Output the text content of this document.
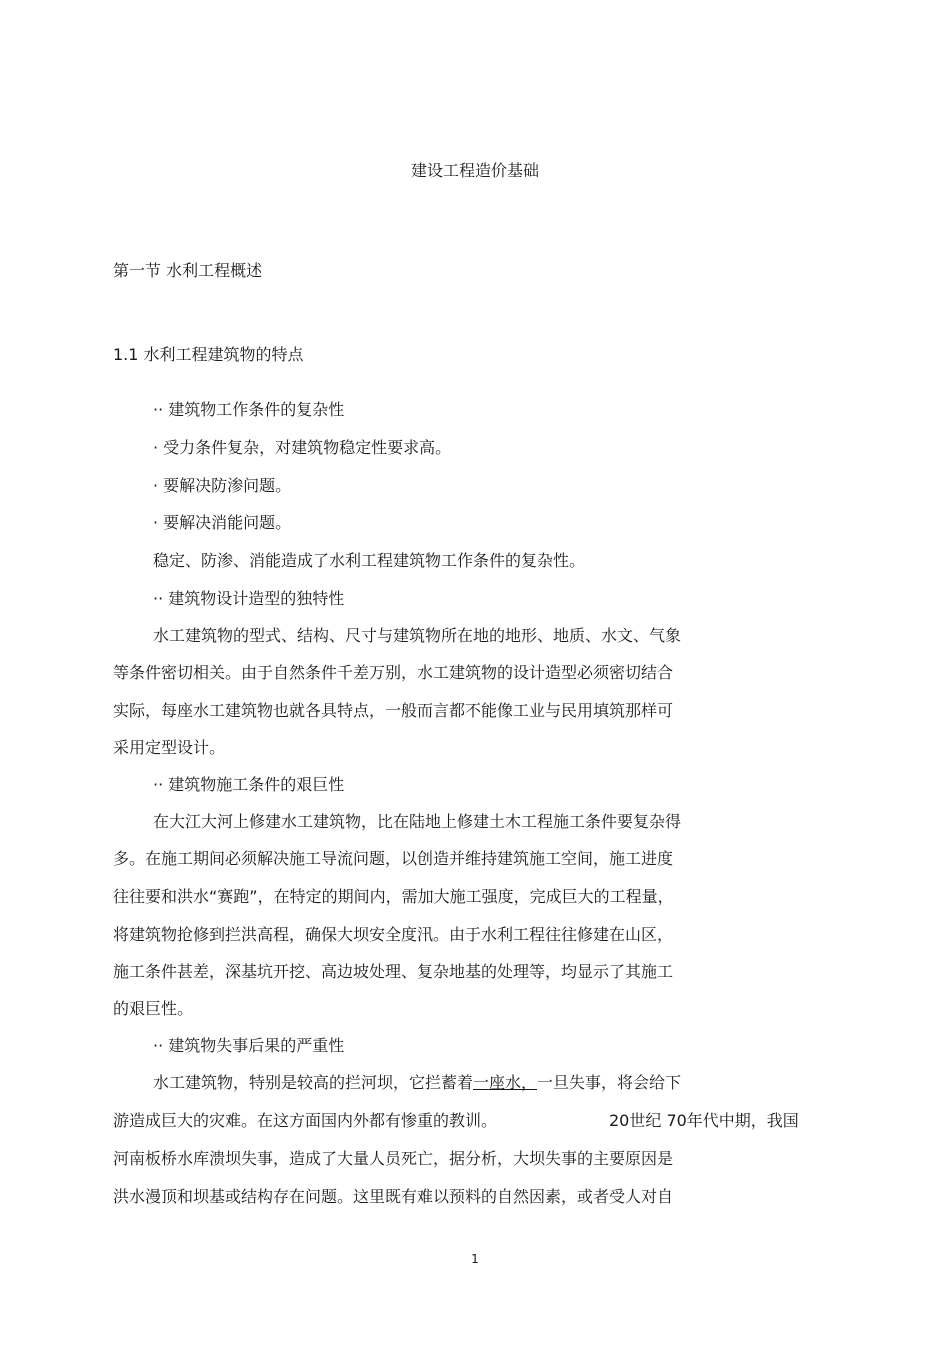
建设工程造价基础
第一节 水利工程概述
1.1 水利工程建筑物的特点
·· 建筑物工作条件的复杂性
· 受力条件复杂，对建筑物稳定性要求高。
· 要解决防渗问题。
· 要解决消能问题。
稳定、防渗、消能造成了水利工程建筑物工作条件的复杂性。
·· 建筑物设计造型的独特性
水工建筑物的型式、结构、尺寸与建筑物所在地的地形、地质、水文、气象
等条件密切相关。由于自然条件千差万别，水工建筑物的设计造型必须密切结合
实际，每座水工建筑物也就各具特点，一般而言都不能像工业与民用填筑那样可
采用定型设计。
·· 建筑物施工条件的艰巨性
在大江大河上修建水工建筑物，比在陆地上修建土木工程施工条件要复杂得
多。在施工期间必须解决施工导流问题，以创造并维持建筑施工空间，施工进度
往往要和洪水“赛跑”，在特定的期间内，需加大施工强度，完成巨大的工程量，
将建筑物抢修到拦洪高程，确保大坝安全度汛。由于水利工程往往修建在山区，
施工条件甚差，深基坑开挖、高边坡处理、复杂地基的处理等，均显示了其施工
的艰巨性。
·· 建筑物失事后果的严重性
水工建筑物，特别是较高的拦河坝，它拦蓄着一座水，一旦失事，将会给下
游造成巨大的灾难。在这方面国内外都有惨重的教训。	20世纪 70年代中期，我国
河南板桥水库溃坝失事，造成了大量人员死亡，据分析，大坝失事的主要原因是
洪水漫顶和坝基或结构存在问题。这里既有难以预料的自然因素，或者受人对自
1
